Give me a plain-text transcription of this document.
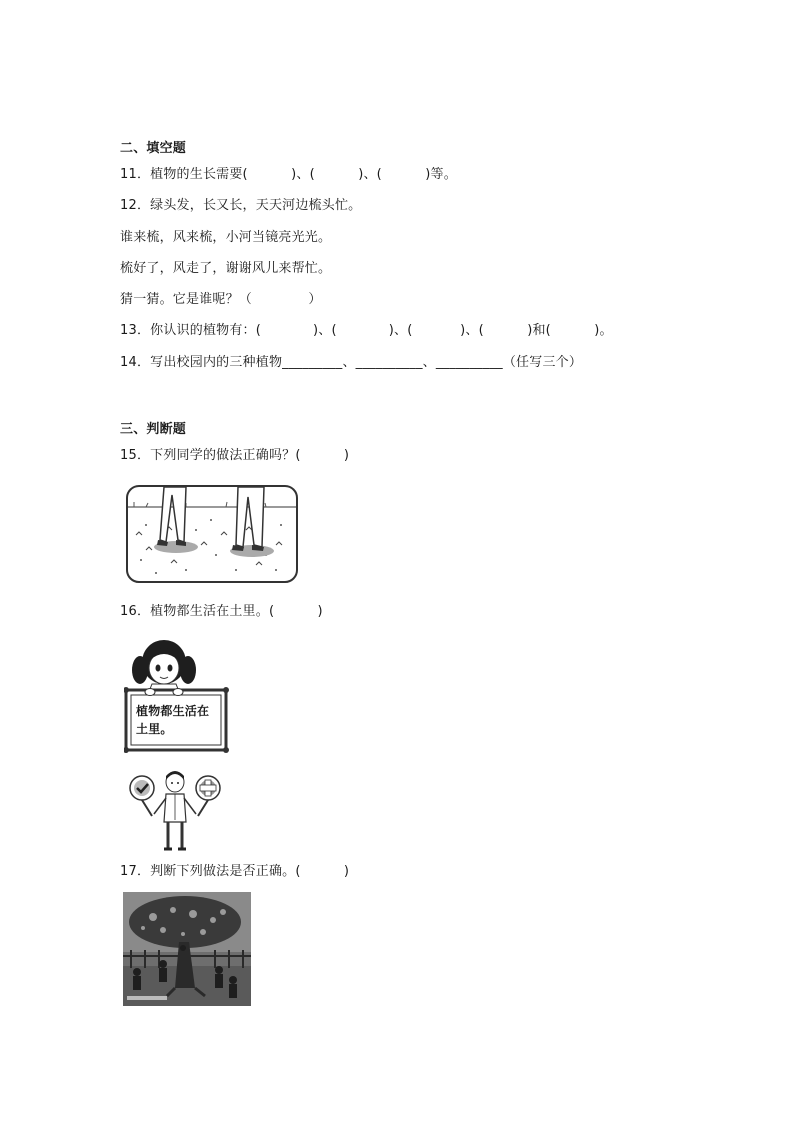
二、填空题
11．植物的生长需要(          )、(          )、(          )等。
12．绿头发，长又长，天天河边梳头忙。
谁来梳，风来梳，小河当镜亮光光。
梳好了，风走了，谢谢风儿来帮忙。
猜一猜。它是谁呢？（             ）
13．你认识的植物有：(            )、(            )、(           )、(          )和(          )。
14．写出校园内的三种植物_________、__________、__________（任写三个）
三、判断题
15．下列同学的做法正确吗？(          )
16．植物都生活在土里。(          )
植物都生活在
土里。
17．判断下列做法是否正确。(          )
